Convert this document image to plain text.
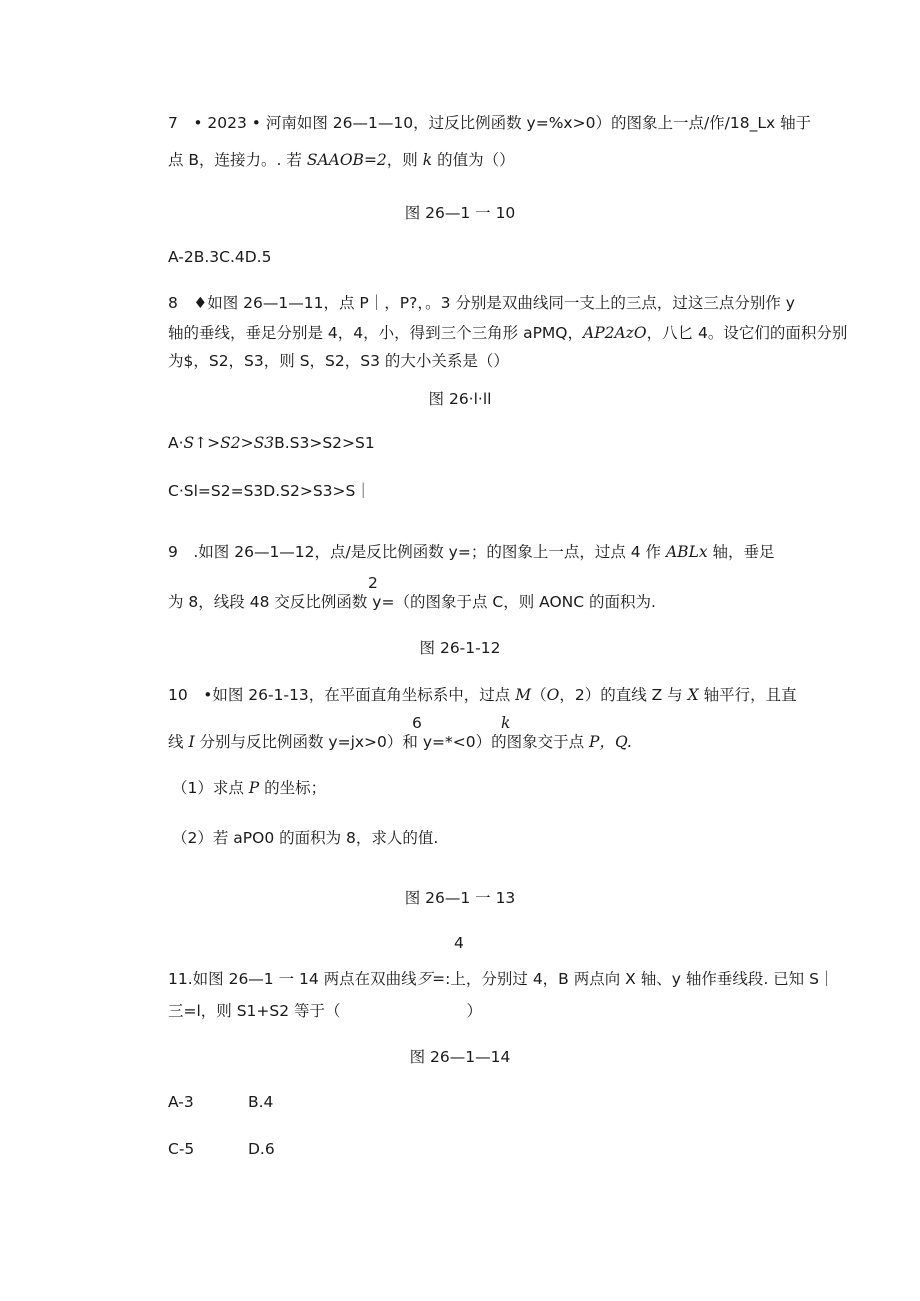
7　• 2023 • 河南如图 26—1—10，过反比例函数 y=%x>0）的图象上一点/作/18_Lx 轴于
点 B，连接力。. 若 SAAOB=2，则 k 的值为（）
图 26—1 一 10
A-2B.3C.4D.5
8　♦如图 26—1—11，点 P｜，P?，。3 分别是双曲线同一支上的三点，过这三点分别作 y
轴的垂线，垂足分别是 4，4，小，得到三个三角形 aPMQ，AP2AzO，八匕 4。设它们的面积分别
为$，S2，S3，则 S，S2，S3 的大小关系是（）
图 26·l·ll
A·S↑>S2>S3B.S3>S2>S1
C·Sl=S2=S3D.S2>S3>S｜
9　.如图 26—1—12，点/是反比例函数 y=；的图象上一点，过点 4 作 ABLx 轴，垂足
2
为 8，线段 48 交反比例函数 y=（的图象于点 C，则 AONC 的面积为.
图 26-1-12
10　•如图 26-1-13，在平面直角坐标系中，过点 M（O，2）的直线 Z 与 X 轴平行，且直
6	k
线 I 分别与反比例函数 y=jx>0）和 y=*<0）的图象交于点 P，Q.
（1）求点 P 的坐标；
（2）若 aPO0 的面积为 8，求人的值.
图 26—1 一 13
4
11.如图 26—1 一 14 两点在双曲线歹=:上，分别过 4，B 两点向 X 轴、y 轴作垂线段. 已知 S｜
三=l，则 S1+S2 等于（	）
图 26—1—14
A-3	B.4
C-5	D.6
